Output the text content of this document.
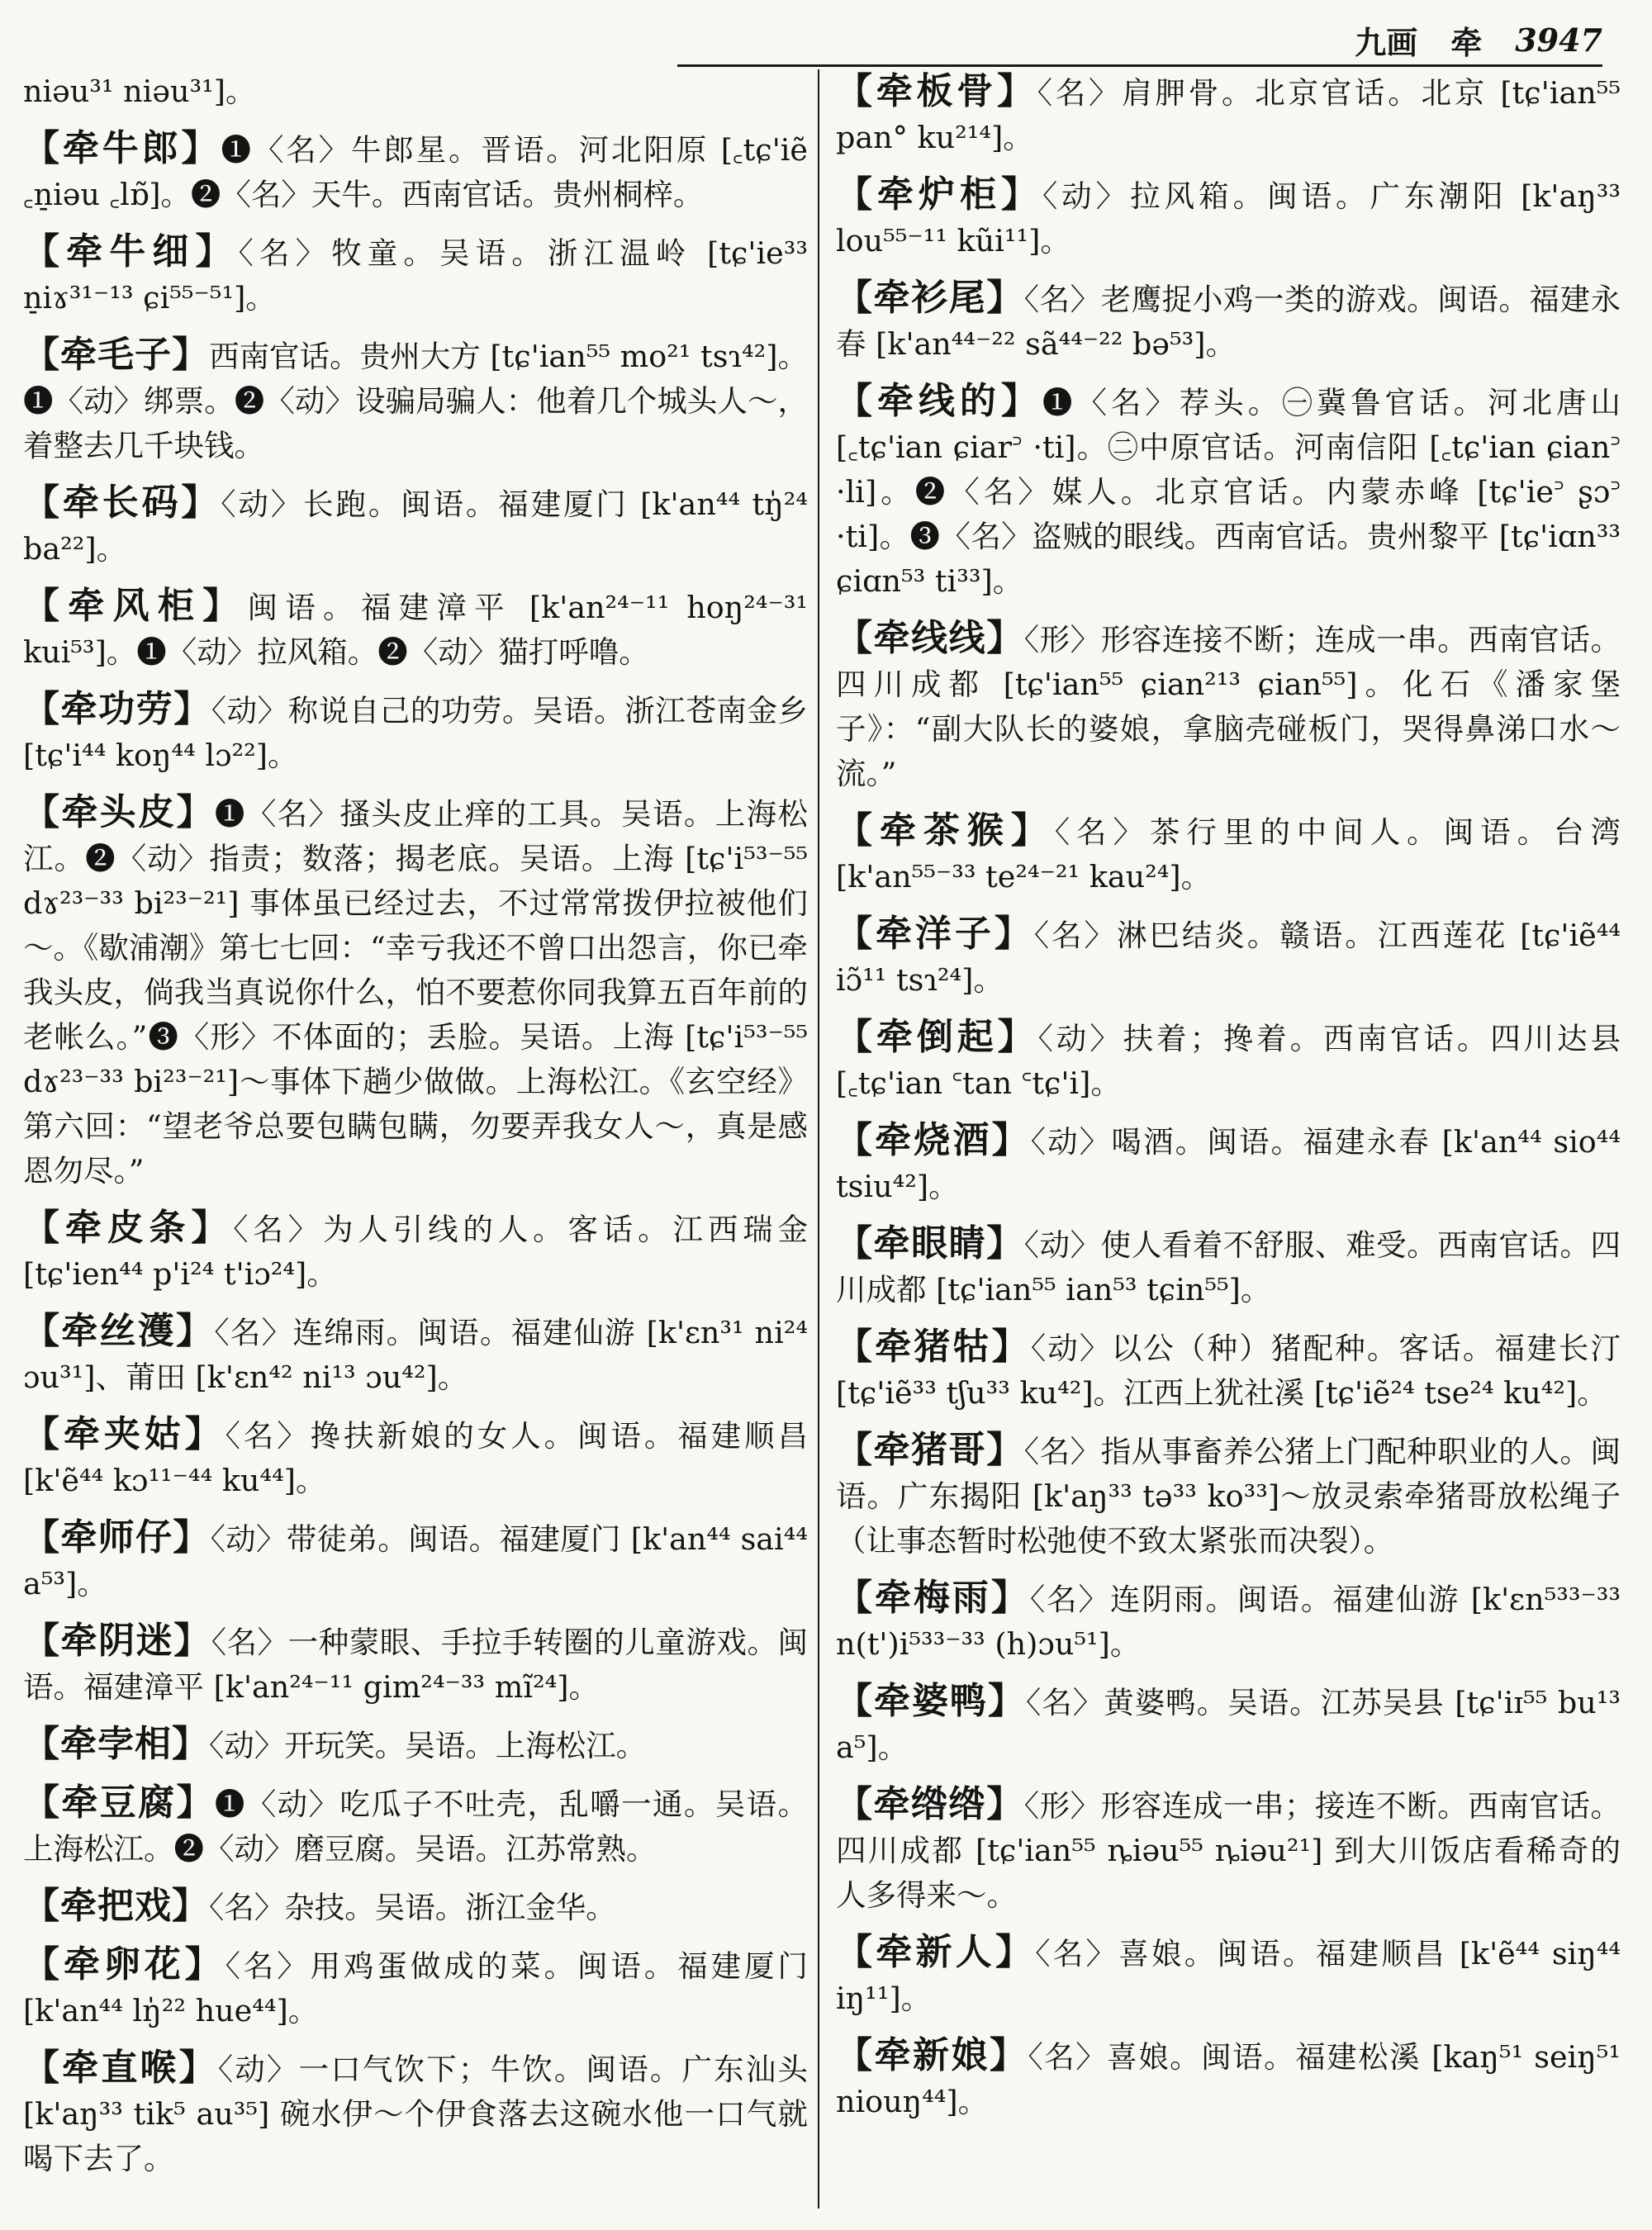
九画 牵 3947

niəu³¹ niəu³¹]。

【牵牛郎】❶〈名〉牛郎星。晋语。河北阳原 [꜀tɕ'iẽ ꜀n̠iəu ꜀lɒ̃]。❷〈名〉天牛。西南官话。贵州桐梓。

【牵牛细】〈名〉牧童。吴语。浙江温岭 [tɕ'ie³³ n̠iɤ³¹⁻¹³ ɕi⁵⁵⁻⁵¹]。

【牵毛子】西南官话。贵州大方 [tɕ'ian⁵⁵ mo²¹ tsɿ⁴²]。❶〈动〉绑票。❷〈动〉设骗局骗人：他着几个城头人～，着整去几千块钱。

【牵长码】〈动〉长跑。闽语。福建厦门 [k'an⁴⁴ tŋ̍²⁴ ba²²]。

【牵风柜】闽语。福建漳平 [k'an²⁴⁻¹¹ hoŋ²⁴⁻³¹ kui⁵³]。❶〈动〉拉风箱。❷〈动〉猫打呼噜。

【牵功劳】〈动〉称说自己的功劳。吴语。浙江苍南金乡 [tɕ'i⁴⁴ koŋ⁴⁴ lɔ²²]。

【牵头皮】❶〈名〉搔头皮止痒的工具。吴语。上海松江。❷〈动〉指责；数落；揭老底。吴语。上海 [tɕ'i⁵³⁻⁵⁵ dɤ²³⁻³³ bi²³⁻²¹] 事体虽已经过去，不过常常拨伊拉被他们～。《歇浦潮》第七七回：“幸亏我还不曾口出怨言，你已牵我头皮，倘我当真说你什么，怕不要惹你同我算五百年前的老帐么。”❸〈形〉不体面的；丢脸。吴语。上海 [tɕ'i⁵³⁻⁵⁵ dɤ²³⁻³³ bi²³⁻²¹]～事体下趟少做做。上海松江。《玄空经》第六回：“望老爷总要包瞒包瞒，勿要弄我女人～，真是感恩勿尽。”

【牵皮条】〈名〉为人引线的人。客话。江西瑞金 [tɕ'ien⁴⁴ p'i²⁴ t'iɔ²⁴]。

【牵丝濩】〈名〉连绵雨。闽语。福建仙游 [k'ɛn³¹ ni²⁴ ɔu³¹]、莆田 [k'ɛn⁴² ni¹³ ɔu⁴²]。

【牵夹姑】〈名〉搀扶新娘的女人。闽语。福建顺昌 [k'ẽ⁴⁴ kɔ¹¹⁻⁴⁴ ku⁴⁴]。

【牵师仔】〈动〉带徒弟。闽语。福建厦门 [k'an⁴⁴ sai⁴⁴ a⁵³]。

【牵阴迷】〈名〉一种蒙眼、手拉手转圈的儿童游戏。闽语。福建漳平 [k'an²⁴⁻¹¹ gim²⁴⁻³³ mĩ²⁴]。

【牵孛相】〈动〉开玩笑。吴语。上海松江。

【牵豆腐】❶〈动〉吃瓜子不吐壳，乱嚼一通。吴语。上海松江。❷〈动〉磨豆腐。吴语。江苏常熟。

【牵把戏】〈名〉杂技。吴语。浙江金华。

【牵卵花】〈名〉用鸡蛋做成的菜。闽语。福建厦门 [k'an⁴⁴ lŋ̍²² hue⁴⁴]。

【牵直喉】〈动〉一口气饮下；牛饮。闽语。广东汕头 [k'aŋ³³ tik⁵ au³⁵] 碗水伊～个伊食落去这碗水他一口气就喝下去了。

【牵板骨】〈名〉肩胛骨。北京官话。北京 [tɕ'ian⁵⁵ pan° ku²¹⁴]。

【牵炉柜】〈动〉拉风箱。闽语。广东潮阳 [k'aŋ³³ lou⁵⁵⁻¹¹ kũi¹¹]。

【牵衫尾】〈名〉老鹰捉小鸡一类的游戏。闽语。福建永春 [k'an⁴⁴⁻²² sã⁴⁴⁻²² bə⁵³]。

【牵线的】❶〈名〉荐头。㊀冀鲁官话。河北唐山 [꜀tɕ'ian ɕiar꜄ ·ti]。㊁中原官话。河南信阳 [꜀tɕ'ian ɕian꜄ ·li]。❷〈名〉媒人。北京官话。内蒙赤峰 [tɕ'ie꜄ ʂɔ꜄ ·ti]。❸〈名〉盗贼的眼线。西南官话。贵州黎平 [tɕ'iɑn³³ ɕiɑn⁵³ ti³³]。

【牵线线】〈形〉形容连接不断；连成一串。西南官话。四川成都 [tɕ'ian⁵⁵ ɕian²¹³ ɕian⁵⁵]。化石《潘家堡子》：“副大队长的婆娘，拿脑壳碰板门，哭得鼻涕口水～流。”

【牵茶猴】〈名〉茶行里的中间人。闽语。台湾 [k'an⁵⁵⁻³³ te²⁴⁻²¹ kau²⁴]。

【牵洋子】〈名〉淋巴结炎。赣语。江西莲花 [tɕ'iẽ⁴⁴ iɔ̃¹¹ tsɿ²⁴]。

【牵倒起】〈动〉扶着；搀着。西南官话。四川达县 [꜀tɕ'ian ꜂tan ꜂tɕ'i]。

【牵烧酒】〈动〉喝酒。闽语。福建永春 [k'an⁴⁴ sio⁴⁴ tsiu⁴²]。

【牵眼睛】〈动〉使人看着不舒服、难受。西南官话。四川成都 [tɕ'ian⁵⁵ ian⁵³ tɕin⁵⁵]。

【牵猪牯】〈动〉以公（种）猪配种。客话。福建长汀 [tɕ'iẽ³³ tʃu³³ ku⁴²]。江西上犹社溪 [tɕ'iẽ²⁴ tse²⁴ ku⁴²]。

【牵猪哥】〈名〉指从事畜养公猪上门配种职业的人。闽语。广东揭阳 [k'aŋ³³ tə³³ ko³³]～放灵索牵猪哥放松绳子（让事态暂时松弛使不致太紧张而决裂）。

【牵梅雨】〈名〉连阴雨。闽语。福建仙游 [k'ɛn⁵³³⁻³³ n(t')i⁵³³⁻³³ (h)ɔu⁵¹]。

【牵婆鸭】〈名〉黄婆鸭。吴语。江苏吴县 [tɕ'iɪ⁵⁵ bu¹³ a⁵]。

【牵绺绺】〈形〉形容连成一串；接连不断。西南官话。四川成都 [tɕ'ian⁵⁵ ȵiəu⁵⁵ ȵiəu²¹] 到大川饭店看稀奇的人多得来～。

【牵新人】〈名〉喜娘。闽语。福建顺昌 [k'ẽ⁴⁴ siŋ⁴⁴ iŋ¹¹]。

【牵新娘】〈名〉喜娘。闽语。福建松溪 [kaŋ⁵¹ seiŋ⁵¹ niouŋ⁴⁴]。
